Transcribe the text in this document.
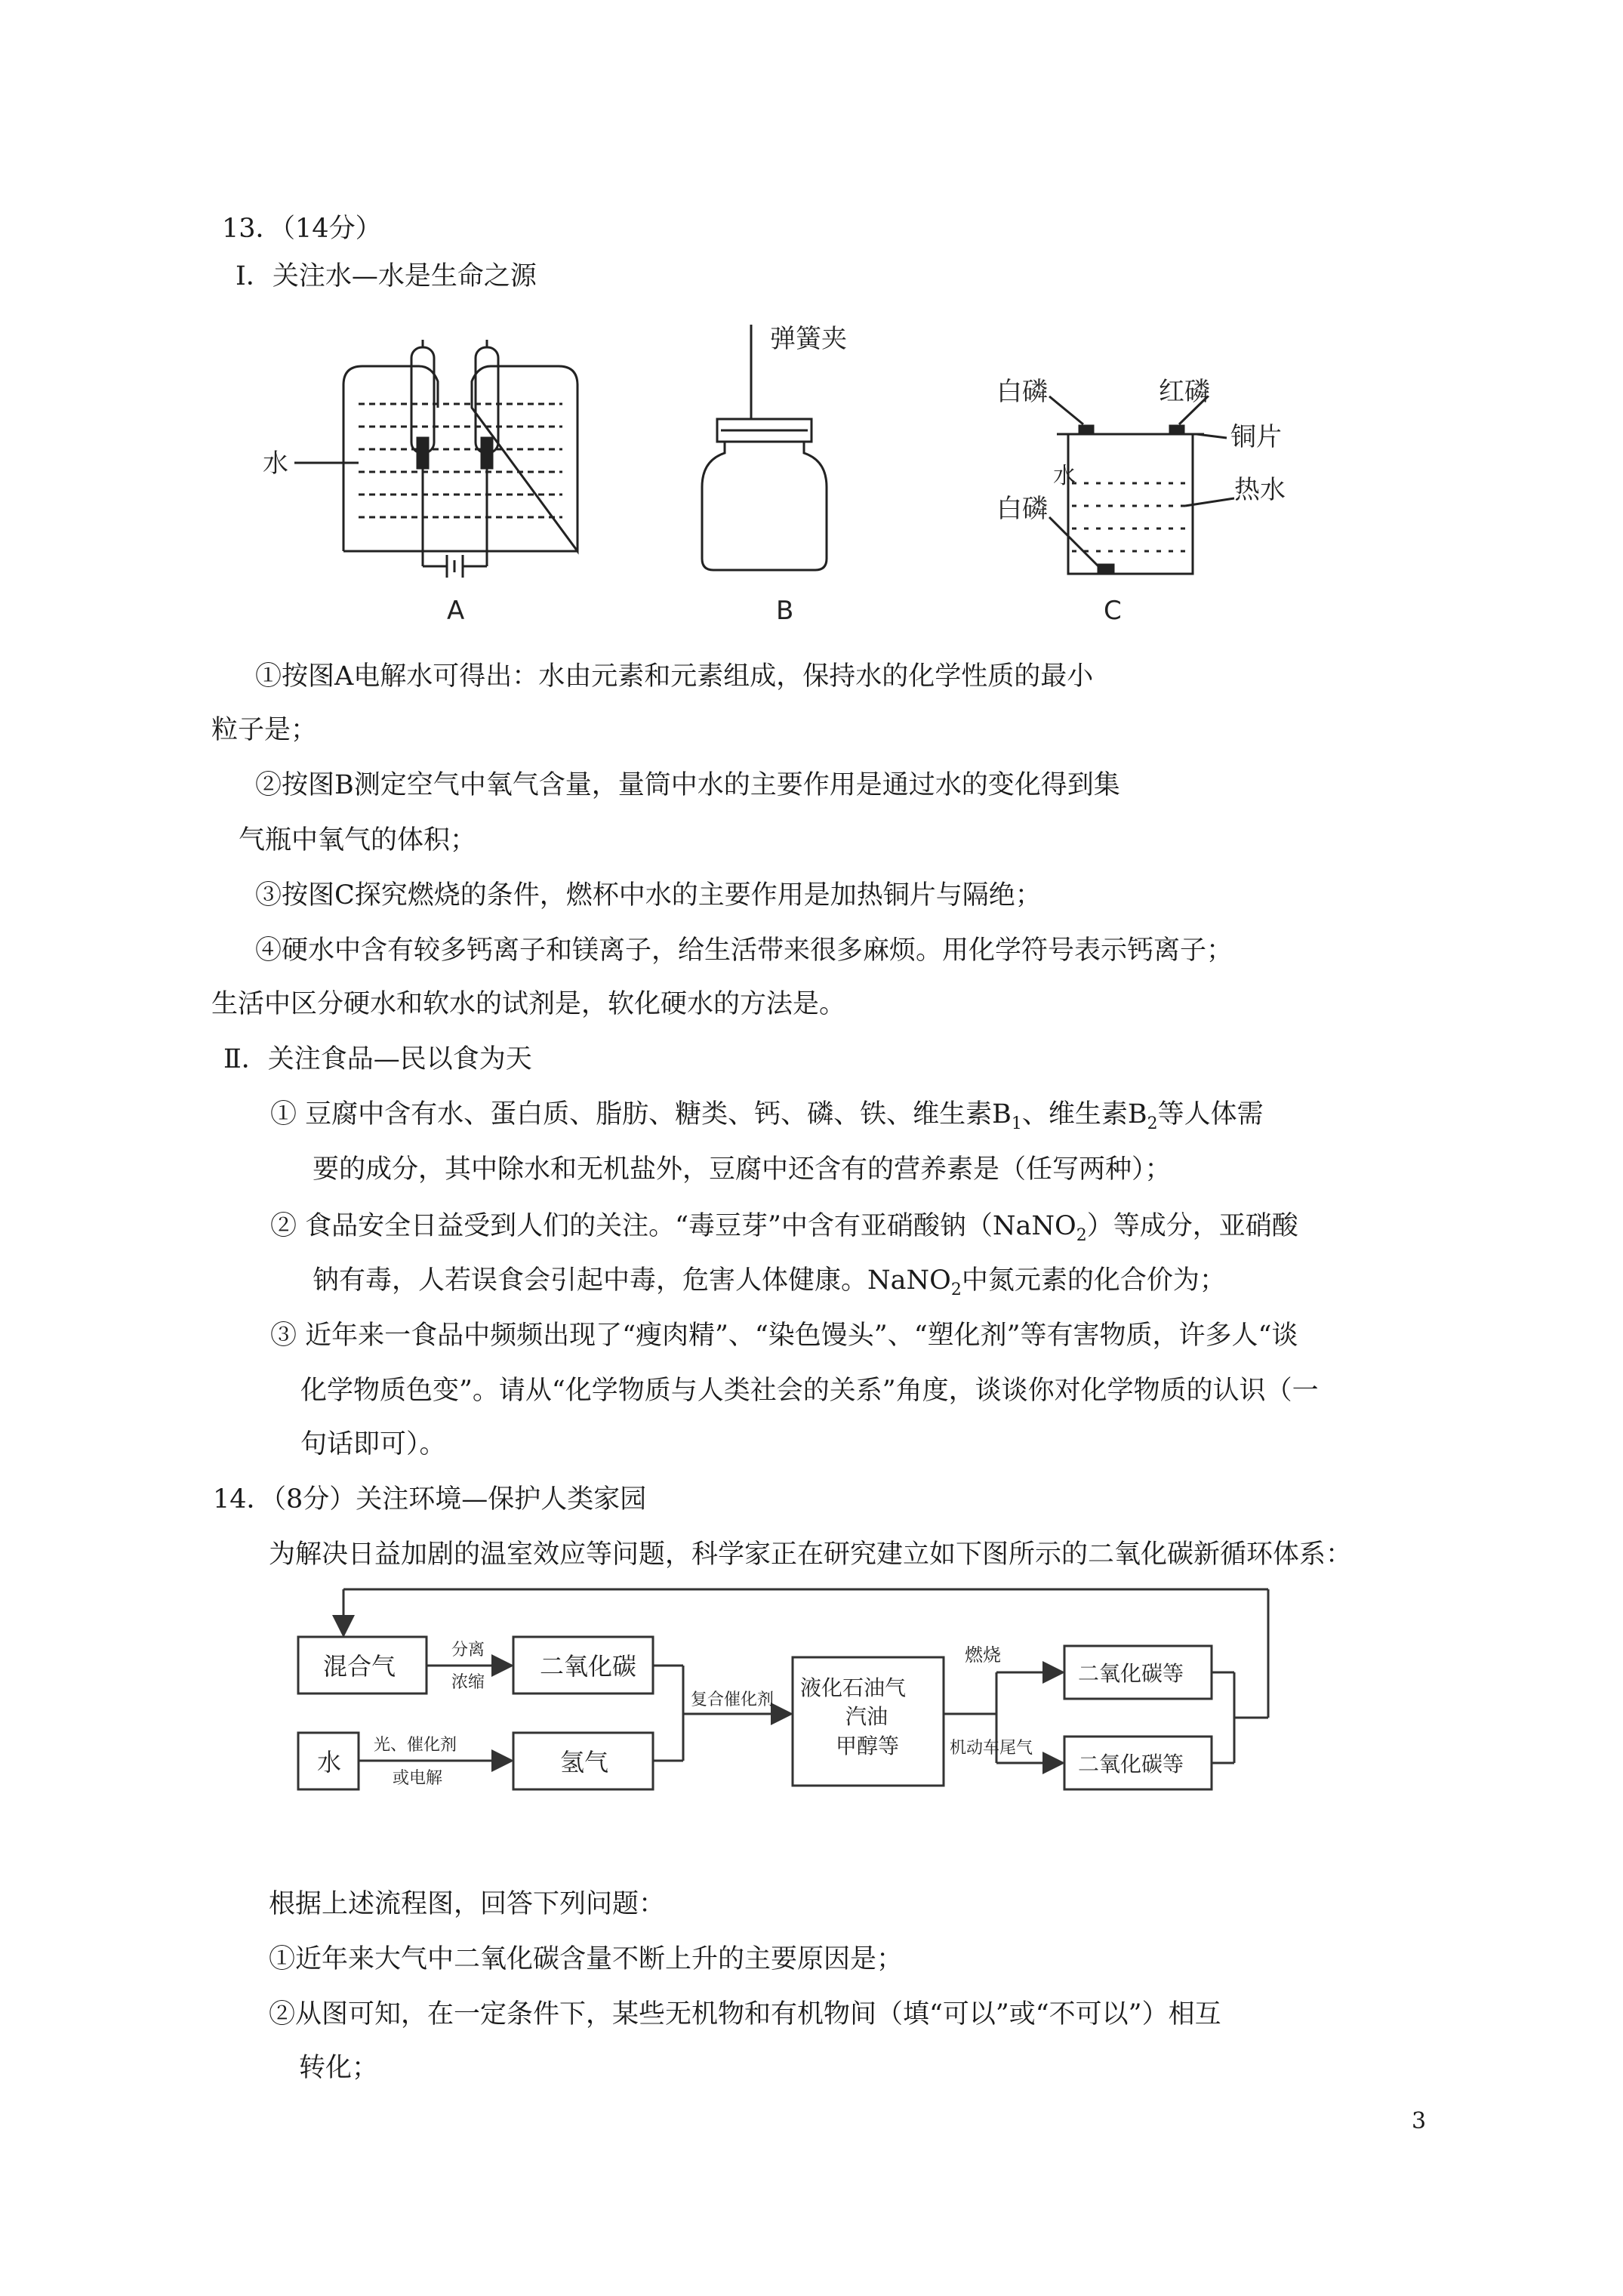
13．（14分）
Ⅰ．关注水—水是生命之源
水
A
弹簧夹
水
B
白磷	红磷
铜片
白磷
热水
C
①按图A电解水可得出：水由元素和元素组成，保持水的化学性质的最小
粒子是；
②按图B测定空气中氧气含量，量筒中水的主要作用是通过水的变化得到集
气瓶中氧气的体积；
③按图C探究燃烧的条件，燃杯中水的主要作用是加热铜片与隔绝；
④硬水中含有较多钙离子和镁离子，给生活带来很多麻烦。用化学符号表示钙离子；
生活中区分硬水和软水的试剂是，软化硬水的方法是。
Ⅱ．关注食品—民以食为天
① 豆腐中含有水、蛋白质、脂肪、糖类、钙、磷、铁、维生素$B_1$、维生素$B_2$等人体需
要的成分，其中除水和无机盐外，豆腐中还含有的营养素是（任写两种）；
② 食品安全日益受到人们的关注。“毒豆芽”中含有亚硝酸钠（NaNO$_2$）等成分，亚硝酸
钠有毒，人若误食会引起中毒，危害人体健康。NaNO$_2$中氮元素的化合价为；
③ 近年来一食品中频频出现了“瘦肉精”、“染色馒头”、“塑化剂”等有害物质，许多人“谈
化学物质色变”。请从“化学物质与人类社会的关系”角度，谈谈你对化学物质的认识（一
句话即可）。
14．（8分）关注环境—保护人类家园
为解决日益加剧的温室效应等问题，科学家正在研究建立如下图所示的二氧化碳新循环体系：
混合气
分离
浓缩
二氧化碳
水
光、催化剂
或电解
氢气
复合催化剂 液化石油气
汽油
甲醇等
燃烧
机动车尾气
二氧化碳等
二氧化碳等
根据上述流程图，回答下列问题：
①近年来大气中二氧化碳含量不断上升的主要原因是；
②从图可知，在一定条件下，某些无机物和有机物间（填“可以”或“不可以”）相互
转化；
3
